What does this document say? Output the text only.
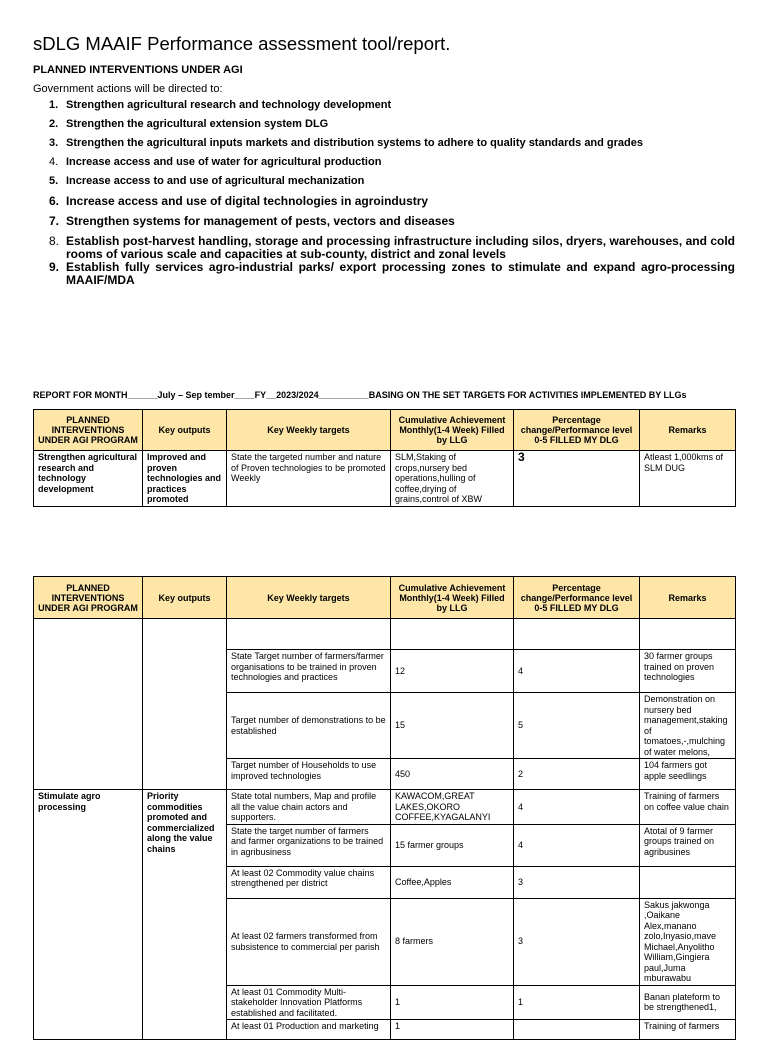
sDLG MAAIF Performance assessment tool/report.
PLANNED INTERVENTIONS UNDER AGI
Government actions will be directed to:
1. Strengthen agricultural research and technology development
2. Strengthen the agricultural extension system DLG
3. Strengthen the agricultural inputs markets and distribution systems to adhere to quality standards and grades
4. Increase access and use of water for agricultural production
5. Increase access to and use of agricultural mechanization
6. Increase access and use of digital technologies in agroindustry
7. Strengthen systems for management of pests, vectors and diseases
8. Establish post-harvest handling, storage and processing infrastructure including silos, dryers, warehouses, and cold rooms of various scale and capacities at sub-county, district and zonal levels
9. Establish fully services agro-industrial parks/ export processing zones to stimulate and expand agro-processing MAAIF/MDA
REPORT FOR MONTH______July – Sep tember____FY__2023/2024__________BASING ON THE SET TARGETS FOR ACTIVITIES IMPLEMENTED BY LLGs
PLANNED INTERVENTIONS UNDER AGI PROGRAM	Key outputs	Key Weekly targets	Cumulative Achievement Monthly(1-4 Week) Filled by LLG	Percentage change/Performance level 0-5 FILLED MY DLG	Remarks
Strengthen agricultural research and technology development	Improved and proven technologies and practices promoted	State the targeted number and nature of Proven technologies to be promoted Weekly	SLM,Staking of crops,nursery bed operations,hulling of coffee,drying of grains,control of XBW	3	Atleast 1,000kms of SLM DUG
PLANNED INTERVENTIONS UNDER AGI PROGRAM	Key outputs	Key Weekly targets	Cumulative Achievement Monthly(1-4 Week) Filled by LLG	Percentage change/Performance level 0-5 FILLED MY DLG	Remarks

		State Target number of farmers/farmer organisations to be trained in proven technologies and practices	12	4	30 farmer groups trained on proven technologies
		Target number of demonstrations to be established	15	5	Demonstration on nursery bed management,staking of tomatoes,-,mulching of water melons,
		Target number of Households to use improved technologies	450	2	104 farmers got apple seedlings
Stimulate agro processing	Priority commodities promoted and commercialized along the value chains	State total numbers, Map and profile all the value chain actors and supporters.	KAWACOM,GREAT LAKES,OKORO COFFEE,KYAGALANYI	4	Training of farmers on coffee value chain
		State the target number of farmers and farmer organizations to be trained in agribusiness	15 farmer groups	4	Atotal of 9 farmer groups trained on agribusines
		At least 02 Commodity value chains strengthened per district	Coffee,Apples	3	
		At least 02 farmers transformed from subsistence to commercial per parish	8 farmers	3	Sakus jakwonga ,Oaikane Alex,manano zolo,Inyasio,mave Michael,Anyolitho William,Gingiera paul,Juma mburawabu
		At least 01 Commodity Multi-stakeholder Innovation Platforms established and facilitated.	1	1	Banan plateform to be strengthened1,
		At least 01 Production and marketing	1		Training of farmers
